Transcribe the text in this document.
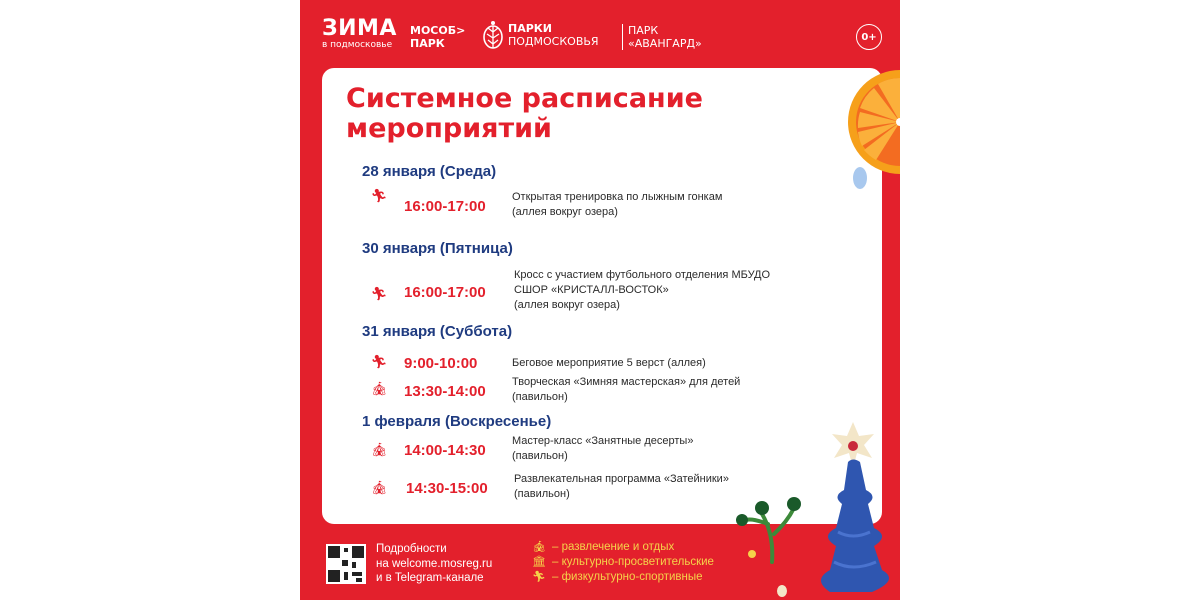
ЗИМА
в подмосковье
МОСОБ>
ПАРК
ПАРКИ
ПОДМОСКОВЬЯ
ПАРК
«АВАНГАРД»	0+
Системное расписание
мероприятий
28 января (Среда)
🏃︎
16:00-17:00
Открытая тренировка по лыжным гонкам
(аллея вокруг озера)
30 января (Пятница)
🏃︎ 16:00-17:00
Кросс с участием футбольного отделения МБУДО
СШОР «КРИСТАЛЛ-ВОСТОК»
(аллея вокруг озера)
31 января (Суббота)
🏃︎ 9:00-10:00	Беговое мероприятие 5 верст (аллея)
🎪︎ 13:30-14:00
Творческая «Зимняя мастерская» для детей
(павильон)
1 февраля (Воскресенье)
🎪︎ 14:00-14:30
Мастер-класс «Занятные десерты»
(павильон)
🎪︎ 14:30-15:00
Развлекательная программа «Затейники»
(павильон)
Подробности
на welcome.mosreg.ru
и в Telegram-канале
🎪︎ – развлечение и отдых
🏛︎ – культурно-просветительские
🏃︎ – физкультурно-спортивные
